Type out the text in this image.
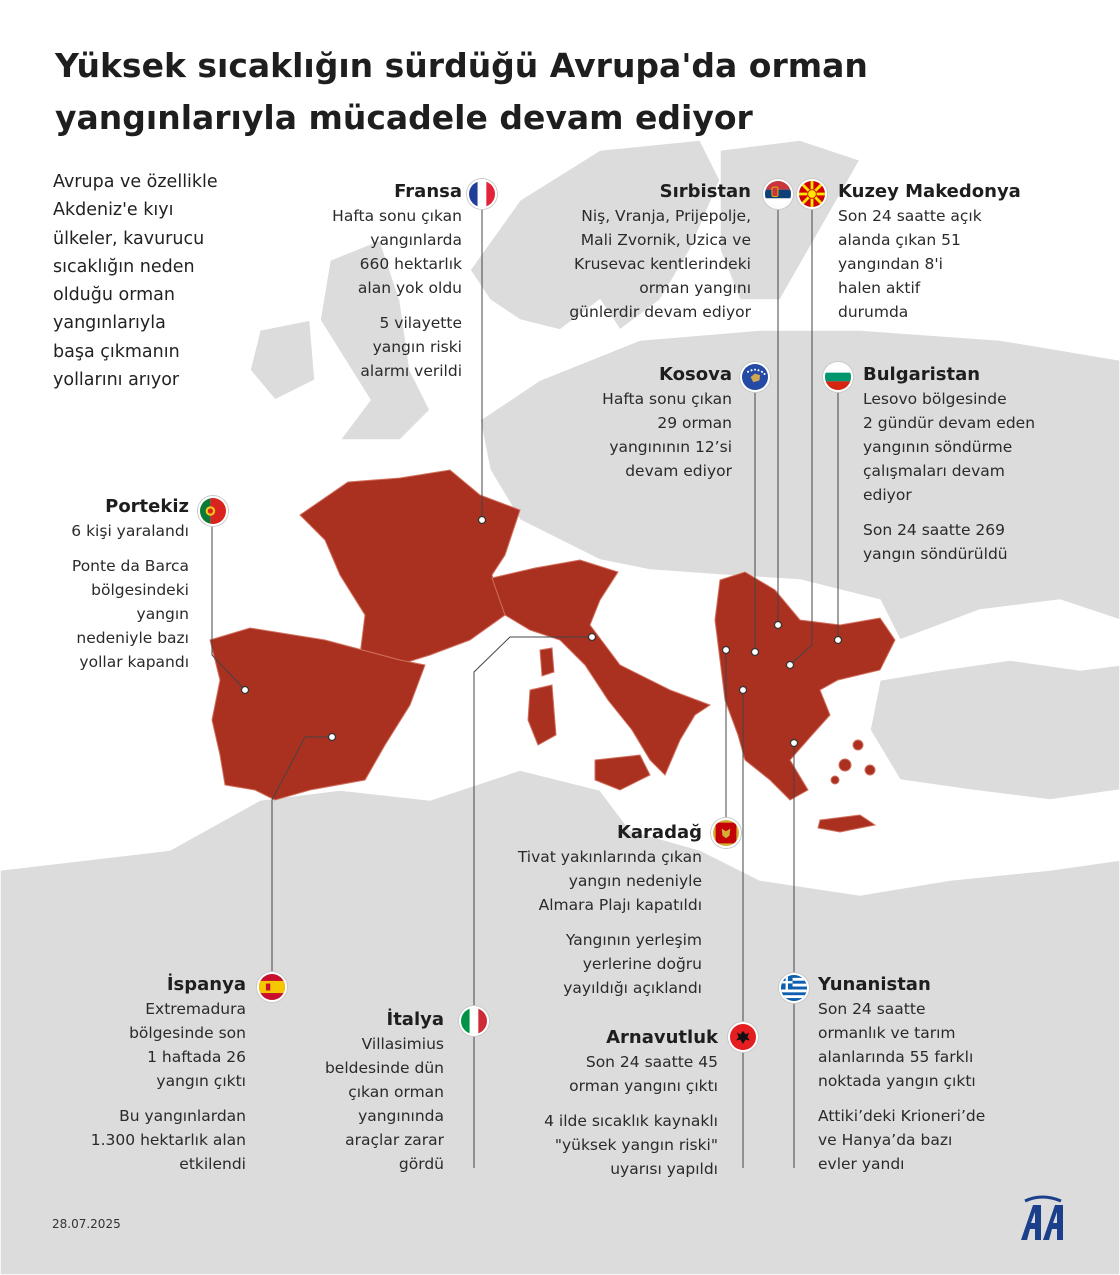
Yüksek sıcaklığın sürdüğü Avrupa'da orman
yangınlarıyla mücadele devam ediyor
Avrupa ve özellikle
Akdeniz'e kıyı
ülkeler, kavurucu
sıcaklığın neden
olduğu orman
yangınlarıyla
başa çıkmanın
yollarını arıyor
Fransa
Hafta sonu çıkan
yangınlarda
660 hektarlık
alan yok oldu
5 vilayette
yangın riski
alarmı verildi
Portekiz
6 kişi yaralandı
Ponte da Barca
bölgesindeki
yangın
nedeniyle bazı
yollar kapandı
İspanya
Extremadura
bölgesinde son
1 haftada 26
yangın çıktı
Bu yangınlardan
1.300 hektarlık alan
etkilendi
İtalya
Villasimius
beldesinde dün
çıkan orman
yangınında
araçlar zarar
gördü
Sırbistan
Niş, Vranja, Prijepolje,
Mali Zvornik, Uzica ve
Krusevac kentlerindeki
orman yangını
günlerdir devam ediyor
Kuzey Makedonya
Son 24 saatte açık
alanda çıkan 51
yangından 8'i
halen aktif
durumda
Kosova
Hafta sonu çıkan
29 orman
yangınının 12’si
devam ediyor
Bulgaristan
Lesovo bölgesinde
2 gündür devam eden
yangının söndürme
çalışmaları devam
ediyor
Son 24 saatte 269
yangın söndürüldü
Karadağ
Tivat yakınlarında çıkan
yangın nedeniyle
Almara Plajı kapatıldı
Yangının yerleşim
yerlerine doğru
yayıldığı açıklandı
Arnavutluk
Son 24 saatte 45
orman yangını çıktı
4 ilde sıcaklık kaynaklı
"yüksek yangın riski"
uyarısı yapıldı
Yunanistan
Son 24 saatte
ormanlık ve tarım
alanlarında 55 farklı
noktada yangın çıktı
Attiki’deki Krioneri’de
ve Hanya’da bazı
evler yandı
28.07.2025
